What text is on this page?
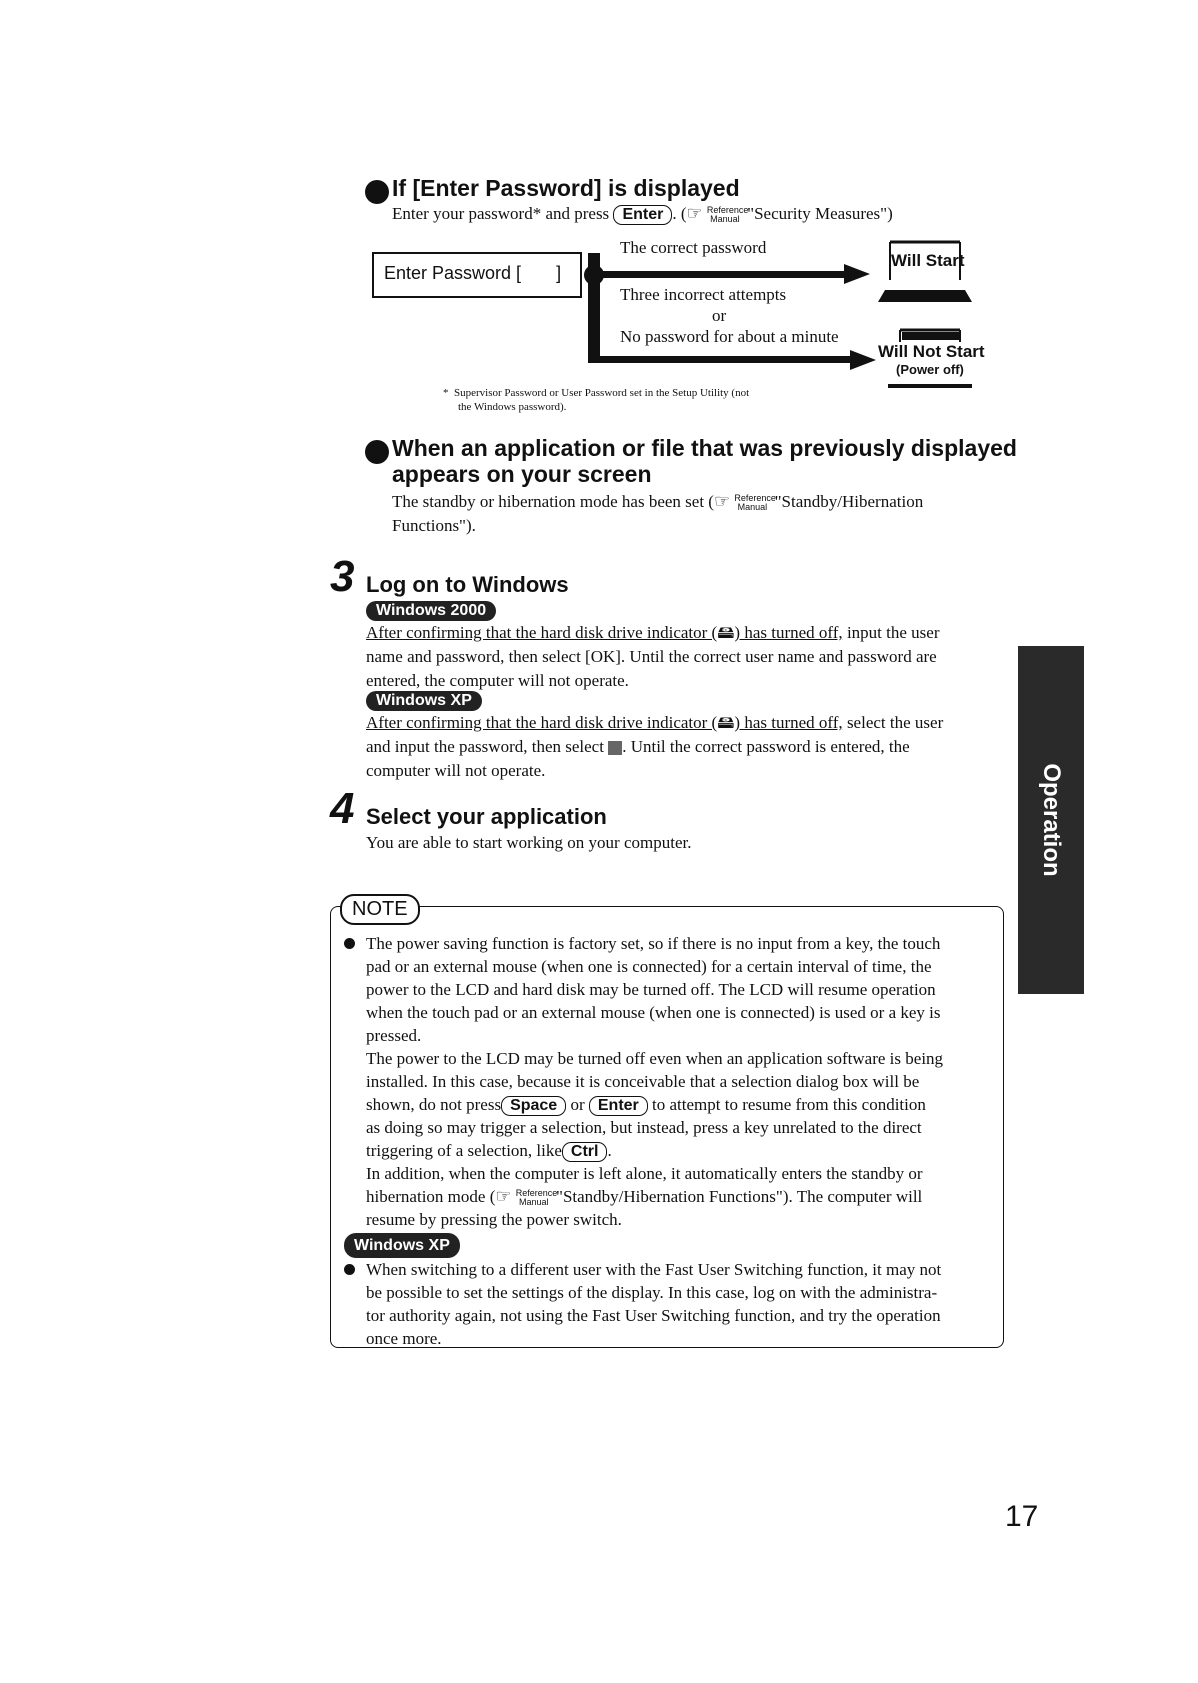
If [Enter Password] is displayed
Enter your password* and press Enter . (☞ Reference
Manual "Security Measures")
Enter Password [       ]
The correct password
Three incorrect attempts
or
No password for about a minute
Will Start
Will Not Start
(Power off)
*  Supervisor Password or User Password set in the Setup Utility (not
the Windows password).
When an application or file that was previously displayed
appears on your screen
The standby or hibernation mode has been set (☞ Reference
Manual "Standby/Hibernation
Functions").
3 Log on to Windows
Windows 2000
After confirming that the hard disk drive indicator (🖴) has turned off, input the user
name and password, then select [OK]. Until the correct user name and password are
entered, the computer will not operate.
Windows XP
After confirming that the hard disk drive indicator (🖴) has turned off, select the user
and input the password, then select . Until the correct password is entered, the
computer will not operate.
4 Select your application
You are able to start working on your computer.
NOTE
The power saving function is factory set, so if there is no input from a key, the touch
pad or an external mouse (when one is connected) for a certain interval of time, the
power to the LCD and hard disk may be turned off. The LCD will resume operation
when the touch pad or an external mouse (when one is connected) is used or a key is
pressed.
The power to the LCD may be turned off even when an application software is being
installed. In this case, because it is conceivable that a selection dialog box will be
shown, do not press Space or Enter to attempt to resume from this condition
as doing so may trigger a selection, but instead, press a key unrelated to the direct
triggering of a selection, like Ctrl .
In addition, when the computer is left alone, it automatically enters the standby or
hibernation mode (☞ Reference
Manual "Standby/Hibernation Functions"). The computer will
resume by pressing the power switch.
Windows XP
When switching to a different user with the Fast User Switching function, it may not
be possible to set the settings of the display. In this case, log on with the administra-
tor authority again, not using the Fast User Switching function, and try the operation
once more.
Operation
17
